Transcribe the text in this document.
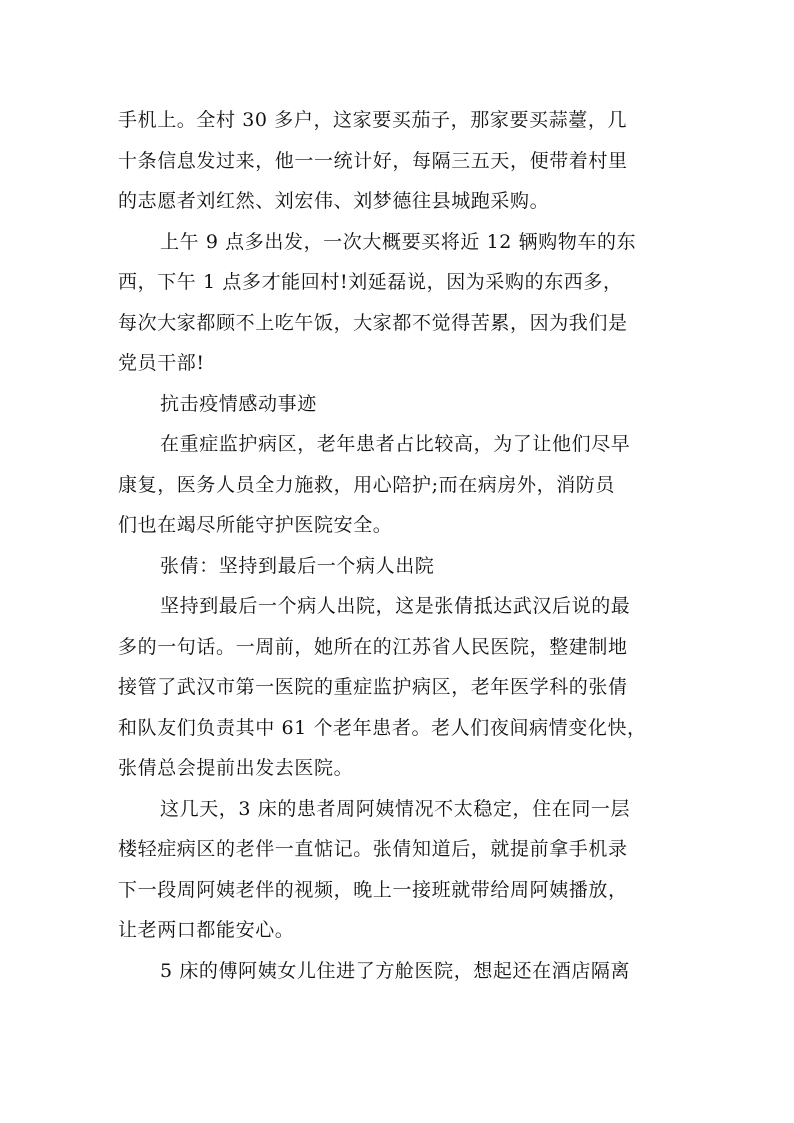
手机上。全村 30 多户，这家要买茄子，那家要买蒜薹，几
十条信息发过来，他一一统计好，每隔三五天，便带着村里
的志愿者刘红然、刘宏伟、刘梦德往县城跑采购。
上午 9 点多出发，一次大概要买将近 12 辆购物车的东
西，下午 1 点多才能回村!刘延磊说，因为采购的东西多，
每次大家都顾不上吃午饭，大家都不觉得苦累，因为我们是
党员干部!
抗击疫情感动事迹
在重症监护病区，老年患者占比较高，为了让他们尽早
康复，医务人员全力施救，用心陪护;而在病房外，消防员
们也在竭尽所能守护医院安全。
张倩：坚持到最后一个病人出院
坚持到最后一个病人出院，这是张倩抵达武汉后说的最
多的一句话。一周前，她所在的江苏省人民医院，整建制地
接管了武汉市第一医院的重症监护病区，老年医学科的张倩
和队友们负责其中 61 个老年患者。老人们夜间病情变化快，
张倩总会提前出发去医院。
这几天，3 床的患者周阿姨情况不太稳定，住在同一层
楼轻症病区的老伴一直惦记。张倩知道后，就提前拿手机录
下一段周阿姨老伴的视频，晚上一接班就带给周阿姨播放，
让老两口都能安心。
5 床的傅阿姨女儿住进了方舱医院，想起还在酒店隔离
